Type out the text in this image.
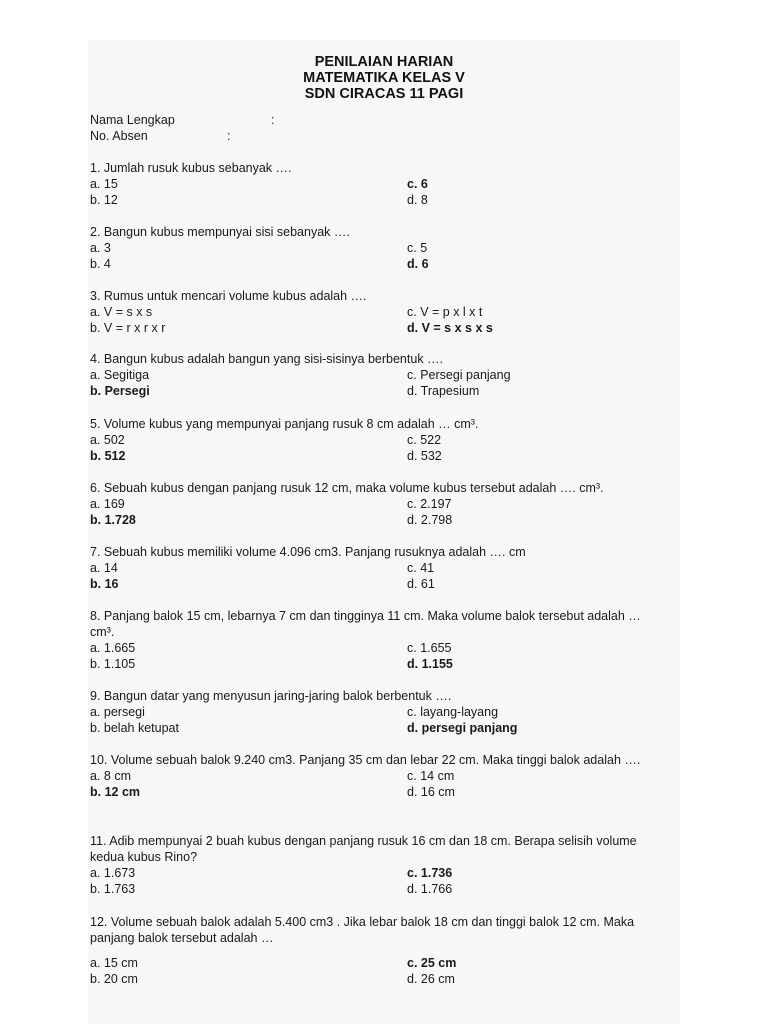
PENILAIAN HARIAN
MATEMATIKA KELAS V
SDN CIRACAS 11 PAGI
Nama Lengkap	:
No. Absen	:
1. Jumlah rusuk kubus sebanyak ….
a. 15	c. 6
b. 12	d. 8
2. Bangun kubus mempunyai sisi sebanyak ….
a. 3	c. 5
b. 4	d. 6
3. Rumus untuk mencari volume kubus adalah ….
a. V = s x s	c. V = p x l x t
b. V = r x r x r	d. V = s x s x s
4. Bangun kubus adalah bangun yang sisi-sisinya berbentuk ….
a. Segitiga	c. Persegi panjang
b. Persegi	d. Trapesium
5. Volume kubus yang mempunyai panjang rusuk 8 cm adalah … cm³.
a. 502	c. 522
b. 512	d. 532
6. Sebuah kubus dengan panjang rusuk 12 cm, maka volume kubus tersebut adalah …. cm³.
a. 169	c. 2.197
b. 1.728	d. 2.798
7. Sebuah kubus memiliki volume 4.096 cm3. Panjang rusuknya adalah …. cm
a. 14	c. 41
b. 16	d. 61
8. Panjang balok 15 cm, lebarnya 7 cm dan tingginya 11 cm. Maka volume balok tersebut adalah … cm³.
a. 1.665	c. 1.655
b. 1.105	d. 1.155
9. Bangun datar yang menyusun jaring-jaring balok berbentuk ….
a. persegi	c. layang-layang
b. belah ketupat	d. persegi panjang
10. Volume sebuah balok 9.240 cm3. Panjang 35 cm dan lebar 22 cm. Maka tinggi balok adalah ….
a. 8 cm	c. 14 cm
b. 12 cm	d. 16 cm
11. Adib mempunyai 2 buah kubus dengan panjang rusuk 16 cm dan 18 cm. Berapa selisih volume kedua kubus Rino?
a. 1.673	c. 1.736
b. 1.763	d. 1.766
12. Volume sebuah balok adalah 5.400 cm3 . Jika lebar balok 18 cm dan tinggi balok 12 cm. Maka panjang balok tersebut adalah …
a. 15 cm	c. 25 cm
b. 20 cm	d. 26 cm
